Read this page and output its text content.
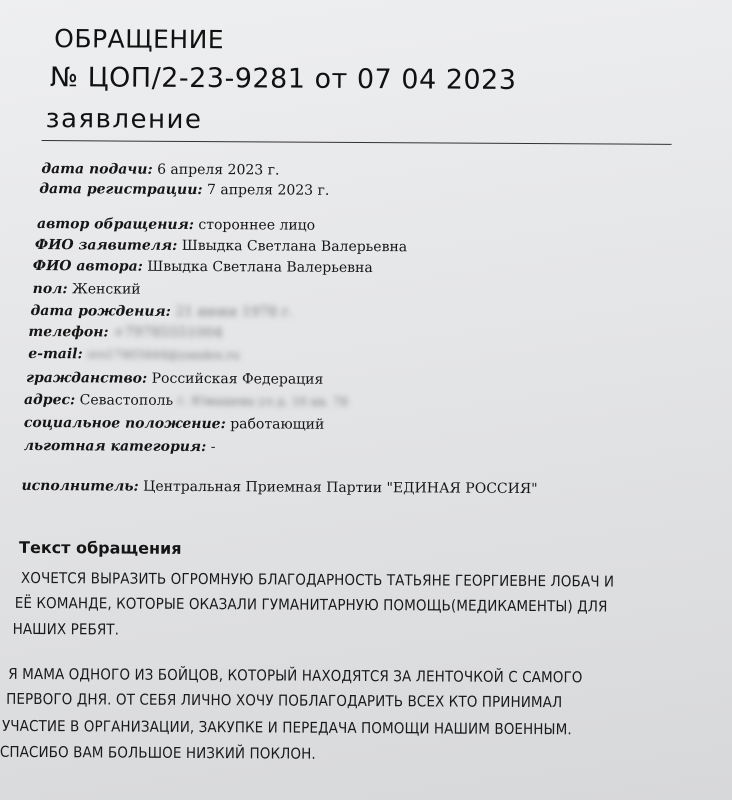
ОБРАЩЕНИЕ
№ ЦОП/2-23-9281 от 07 04 2023
заявление
дата подачи: 6 апреля 2023 г.
дата регистрации: 7 апреля 2023 г.
автор обращения: стороннее лицо
ФИО заявителя: Швыдка Светлана Валерьевна
ФИО автора: Швыдка Светлана Валерьевна
пол: Женский
дата рождения: 21 июня 1978 г.
телефон: +79785551004
e-mail: svs17403444@yandex.ru
гражданство: Российская Федерация
адрес: Севастополь г. Юмашева ул д. 16 кв. 78
социальное положение: работающий
льготная категория: -
исполнитель: Центральная Приемная Партии "ЕДИНАЯ РОССИЯ"
Текст обращения
ХОЧЕТСЯ ВЫРАЗИТЬ ОГРОМНУЮ БЛАГОДАРНОСТЬ ТАТЬЯНЕ ГЕОРГИЕВНЕ ЛОБАЧ И
ЕЁ КОМАНДЕ, КОТОРЫЕ ОКАЗАЛИ ГУМАНИТАРНУЮ ПОМОЩЬ(МЕДИКАМЕНТЫ) ДЛЯ
НАШИХ РЕБЯТ.
Я МАМА ОДНОГО ИЗ БОЙЦОВ, КОТОРЫЙ НАХОДЯТСЯ ЗА ЛЕНТОЧКОЙ С САМОГО
ПЕРВОГО ДНЯ. ОТ СЕБЯ ЛИЧНО ХОЧУ ПОБЛАГОДАРИТЬ ВСЕХ КТО ПРИНИМАЛ
УЧАСТИЕ В ОРГАНИЗАЦИИ, ЗАКУПКЕ И ПЕРЕДАЧА ПОМОЩИ НАШИМ ВОЕННЫМ.
СПАСИБО ВАМ БОЛЬШОЕ НИЗКИЙ ПОКЛОН.
